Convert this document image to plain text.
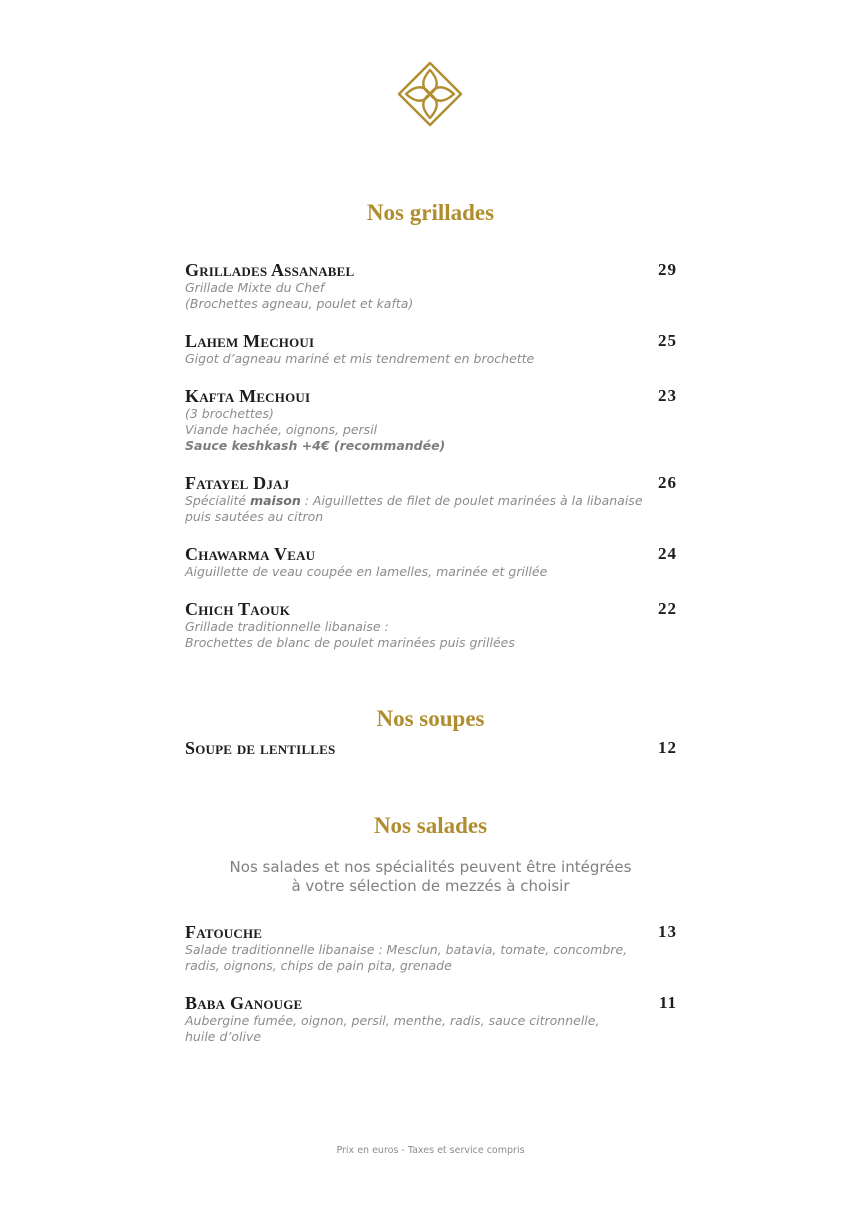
Nos grillades
Grillades Assanabel	29
Grillade Mixte du Chef
(Brochettes agneau, poulet et kafta)
Lahem Mechoui	25
Gigot d’agneau mariné et mis tendrement en brochette
Kafta Mechoui	23
(3 brochettes)
Viande hachée, oignons, persil
Sauce keshkash +4€ (recommandée)
Fatayel Djaj	26
Spécialité maison : Aiguillettes de filet de poulet marinées à la libanaise
puis sautées au citron
Chawarma Veau	24
Aiguillette de veau coupée en lamelles, marinée et grillée
Chich Taouk	22
Grillade traditionnelle libanaise :
Brochettes de blanc de poulet marinées puis grillées
Nos soupes
Soupe de lentilles	12
Nos salades
Nos salades et nos spécialités peuvent être intégrées
à votre sélection de mezzés à choisir
Fatouche	13
Salade traditionnelle libanaise : Mesclun, batavia, tomate, concombre,
radis, oignons, chips de pain pita, grenade
Baba Ganouge	11
Aubergine fumée, oignon, persil, menthe, radis, sauce citronnelle,
huile d’olive
Prix en euros - Taxes et service compris
